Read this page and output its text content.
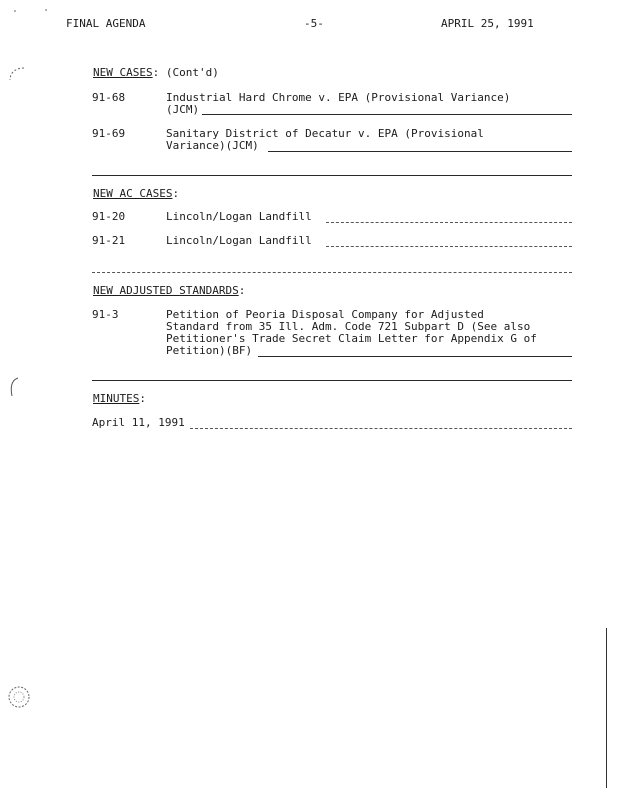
FINAL AGENDA	-5-	APRIL 25, 1991
NEW CASES: (Cont'd)
91-68	Industrial Hard Chrome v. EPA (Provisional Variance)
(JCM)
91-69	Sanitary District of Decatur v. EPA (Provisional
Variance)(JCM)
NEW AC CASES:
91-20	Lincoln/Logan Landfill
91-21	Lincoln/Logan Landfill
NEW ADJUSTED STANDARDS:
91-3	Petition of Peoria Disposal Company for Adjusted
Standard from 35 Ill. Adm. Code 721 Subpart D (See also
Petitioner's Trade Secret Claim Letter for Appendix G of
Petition)(BF)
MINUTES:
April 11, 1991
